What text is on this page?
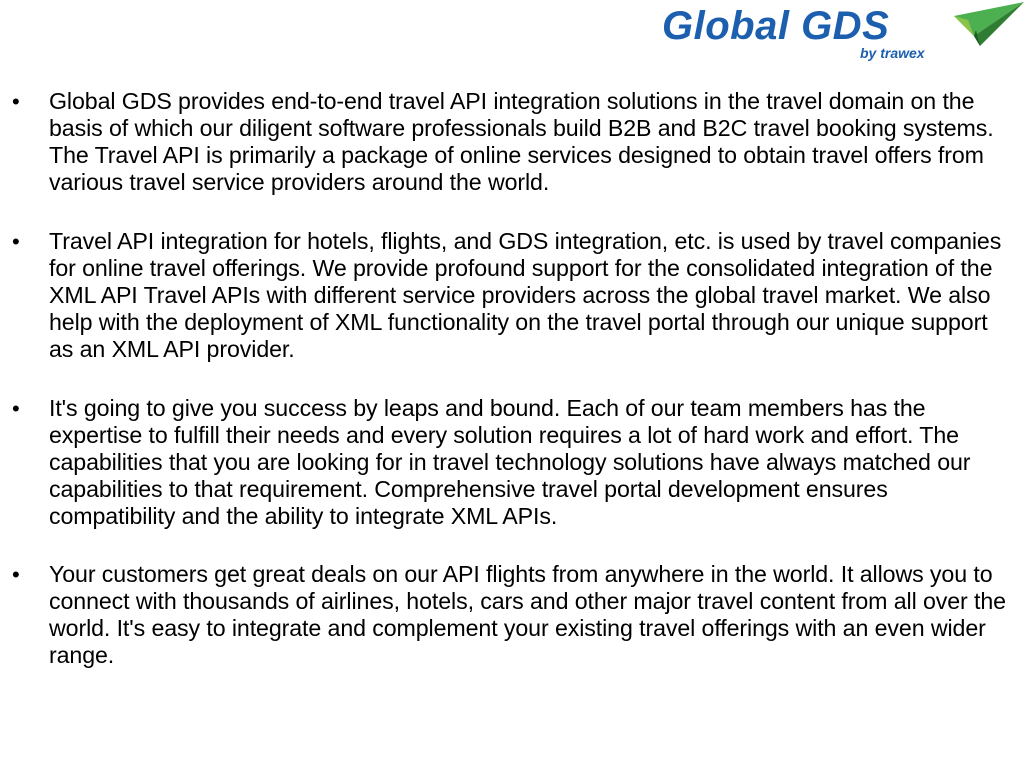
Global GDS
by trawex
•	Global GDS provides end-to-end travel API integration solutions in the travel domain on the basis of which our diligent software professionals build B2B and B2C travel booking systems. The Travel API is primarily a package of online services designed to obtain travel offers from various travel service providers around the world.
•	Travel API integration for hotels, flights, and GDS integration, etc. is used by travel companies for online travel offerings. We provide profound support for the consolidated integration of the XML API Travel APIs with different service providers across the global travel market. We also help with the deployment of XML functionality on the travel portal through our unique support as an XML API provider.
•	It's going to give you success by leaps and bound. Each of our team members has the expertise to fulfill their needs and every solution requires a lot of hard work and effort. The capabilities that you are looking for in travel technology solutions have always matched our capabilities to that requirement. Comprehensive travel portal development ensures compatibility and the ability to integrate XML APIs.
•	Your customers get great deals on our API flights from anywhere in the world. It allows you to connect with thousands of airlines, hotels, cars and other major travel content from all over the world. It's easy to integrate and complement your existing travel offerings with an even wider range.
